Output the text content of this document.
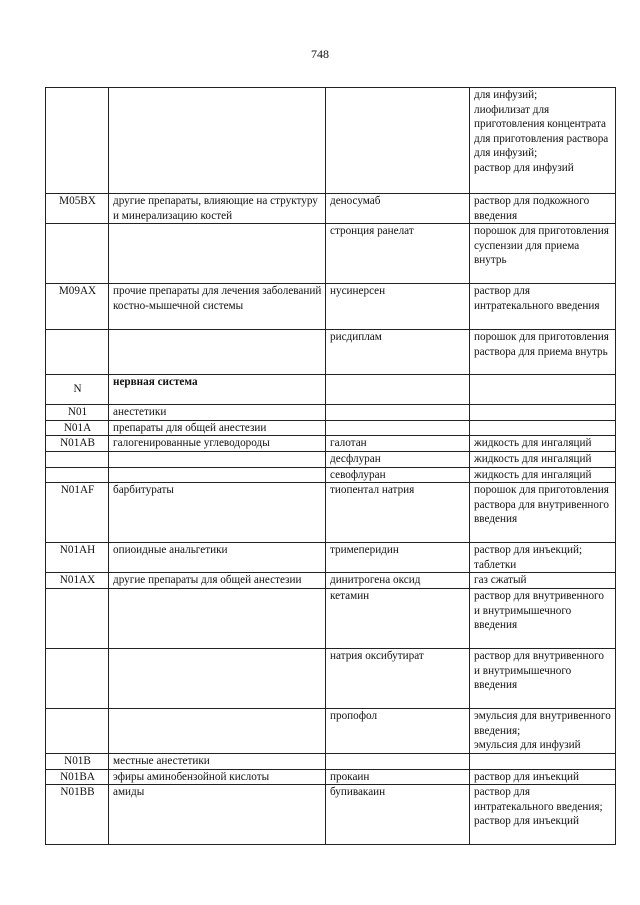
748
			для инфузий;
лиофилизат для приготовления концентрата для приготовления раствора для инфузий;
раствор для инфузий
M05BX	другие препараты, влияющие на структуру и минерализацию костей	деносумаб	раствор для подкожного введения
		стронция ранелат	порошок для приготовления суспензии для приема внутрь
M09AX	прочие препараты для лечения заболеваний костно-мышечной системы	нусинерсен	раствор для интратекального введения
		рисдиплам	порошок для приготовления раствора для приема внутрь
N	нервная система		
N01	анестетики		
N01A	препараты для общей анестезии		
N01AB	галогенированные углеводороды	галотан	жидкость для ингаляций
		десфлуран	жидкость для ингаляций
		севофлуран	жидкость для ингаляций
N01AF	барбитураты	тиопентал натрия	порошок для приготовления раствора для внутривенного введения
N01AH	опиоидные анальгетики	тримеперидин	раствор для инъекций;
таблетки
N01AX	другие препараты для общей анестезии	динитрогена оксид	газ сжатый
		кетамин	раствор для внутривенного и внутримышечного введения
		натрия оксибутират	раствор для внутривенного и внутримышечного введения
		пропофол	эмульсия для внутривенного введения;
эмульсия для инфузий
N01B	местные анестетики		
N01BA	эфиры аминобензойной кислоты	прокаин	раствор для инъекций
N01BB	амиды	бупивакаин	раствор для интратекального введения;
раствор для инъекций
